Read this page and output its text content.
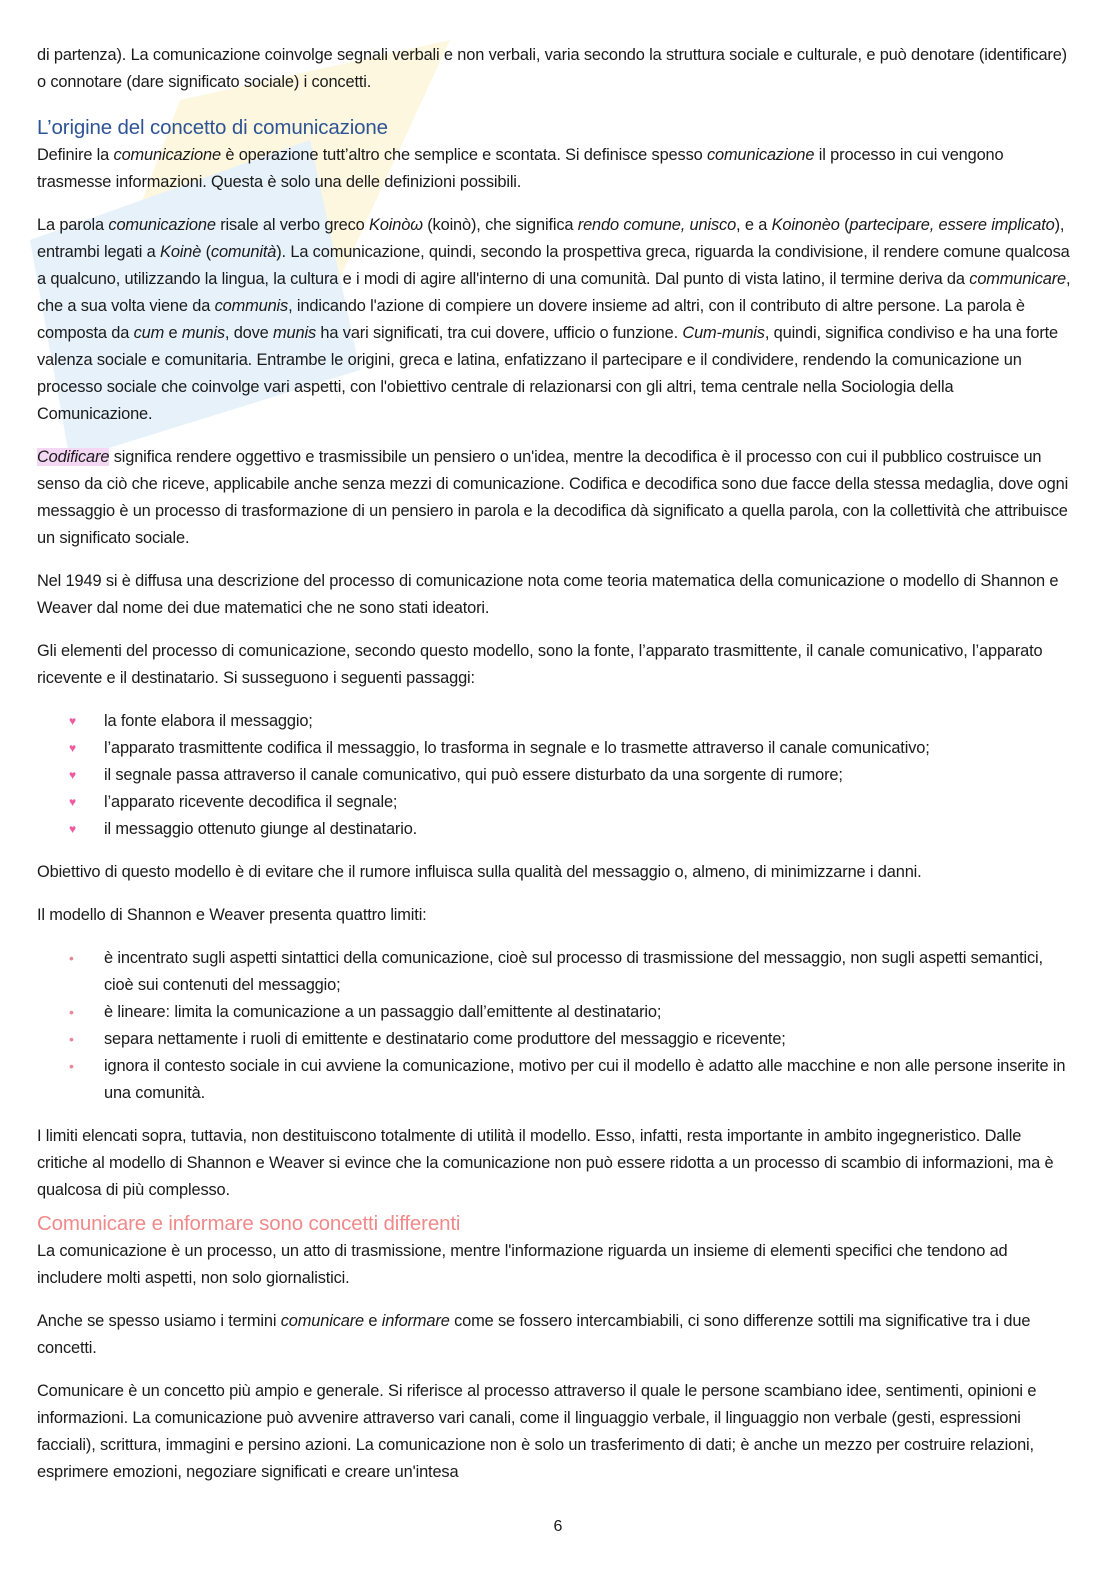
di partenza). La comunicazione coinvolge segnali verbali e non verbali, varia secondo la struttura sociale e culturale, e può denotare (identificare) o connotare (dare significato sociale) i concetti.

L’origine del concetto di comunicazione

Definire la comunicazione è operazione tutt’altro che semplice e scontata. Si definisce spesso comunicazione il processo in cui vengono trasmesse informazioni. Questa è solo una delle definizioni possibili.

La parola comunicazione risale al verbo greco Koinòω (koinò), che significa rendo comune, unisco, e a Koinonèo (partecipare, essere implicato), entrambi legati a Koinè (comunità). La comunicazione, quindi, secondo la prospettiva greca, riguarda la condivisione, il rendere comune qualcosa a qualcuno, utilizzando la lingua, la cultura e i modi di agire all'interno di una comunità. Dal punto di vista latino, il termine deriva da communicare, che a sua volta viene da communis, indicando l'azione di compiere un dovere insieme ad altri, con il contributo di altre persone. La parola è composta da cum e munis, dove munis ha vari significati, tra cui dovere, ufficio o funzione. Cum-munis, quindi, significa condiviso e ha una forte valenza sociale e comunitaria. Entrambe le origini, greca e latina, enfatizzano il partecipare e il condividere, rendendo la comunicazione un processo sociale che coinvolge vari aspetti, con l'obiettivo centrale di relazionarsi con gli altri, tema centrale nella Sociologia della Comunicazione.

Codificare significa rendere oggettivo e trasmissibile un pensiero o un'idea, mentre la decodifica è il processo con cui il pubblico costruisce un senso da ciò che riceve, applicabile anche senza mezzi di comunicazione. Codifica e decodifica sono due facce della stessa medaglia, dove ogni messaggio è un processo di trasformazione di un pensiero in parola e la decodifica dà significato a quella parola, con la collettività che attribuisce un significato sociale.

Nel 1949 si è diffusa una descrizione del processo di comunicazione nota come teoria matematica della comunicazione o modello di Shannon e Weaver dal nome dei due matematici che ne sono stati ideatori.

Gli elementi del processo di comunicazione, secondo questo modello, sono la fonte, l’apparato trasmittente, il canale comunicativo, l’apparato ricevente e il destinatario. Si susseguono i seguenti passaggi:

♥ la fonte elabora il messaggio;
♥ l’apparato trasmittente codifica il messaggio, lo trasforma in segnale e lo trasmette attraverso il canale comunicativo;
♥ il segnale passa attraverso il canale comunicativo, qui può essere disturbato da una sorgente di rumore;
♥ l’apparato ricevente decodifica il segnale;
♥ il messaggio ottenuto giunge al destinatario.

Obiettivo di questo modello è di evitare che il rumore influisca sulla qualità del messaggio o, almeno, di minimizzarne i danni.

Il modello di Shannon e Weaver presenta quattro limiti:

• è incentrato sugli aspetti sintattici della comunicazione, cioè sul processo di trasmissione del messaggio, non sugli aspetti semantici, cioè sui contenuti del messaggio;
• è lineare: limita la comunicazione a un passaggio dall’emittente al destinatario;
• separa nettamente i ruoli di emittente e destinatario come produttore del messaggio e ricevente;
• ignora il contesto sociale in cui avviene la comunicazione, motivo per cui il modello è adatto alle macchine e non alle persone inserite in una comunità.

I limiti elencati sopra, tuttavia, non destituiscono totalmente di utilità il modello. Esso, infatti, resta importante in ambito ingegneristico. Dalle critiche al modello di Shannon e Weaver si evince che la comunicazione non può essere ridotta a un processo di scambio di informazioni, ma è qualcosa di più complesso.

Comunicare e informare sono concetti differenti

La comunicazione è un processo, un atto di trasmissione, mentre l'informazione riguarda un insieme di elementi specifici che tendono ad includere molti aspetti, non solo giornalistici.

Anche se spesso usiamo i termini comunicare e informare come se fossero intercambiabili, ci sono differenze sottili ma significative tra i due concetti.

Comunicare è un concetto più ampio e generale. Si riferisce al processo attraverso il quale le persone scambiano idee, sentimenti, opinioni e informazioni. La comunicazione può avvenire attraverso vari canali, come il linguaggio verbale, il linguaggio non verbale (gesti, espressioni facciali), scrittura, immagini e persino azioni. La comunicazione non è solo un trasferimento di dati; è anche un mezzo per costruire relazioni, esprimere emozioni, negoziare significati e creare un'intesa

6
